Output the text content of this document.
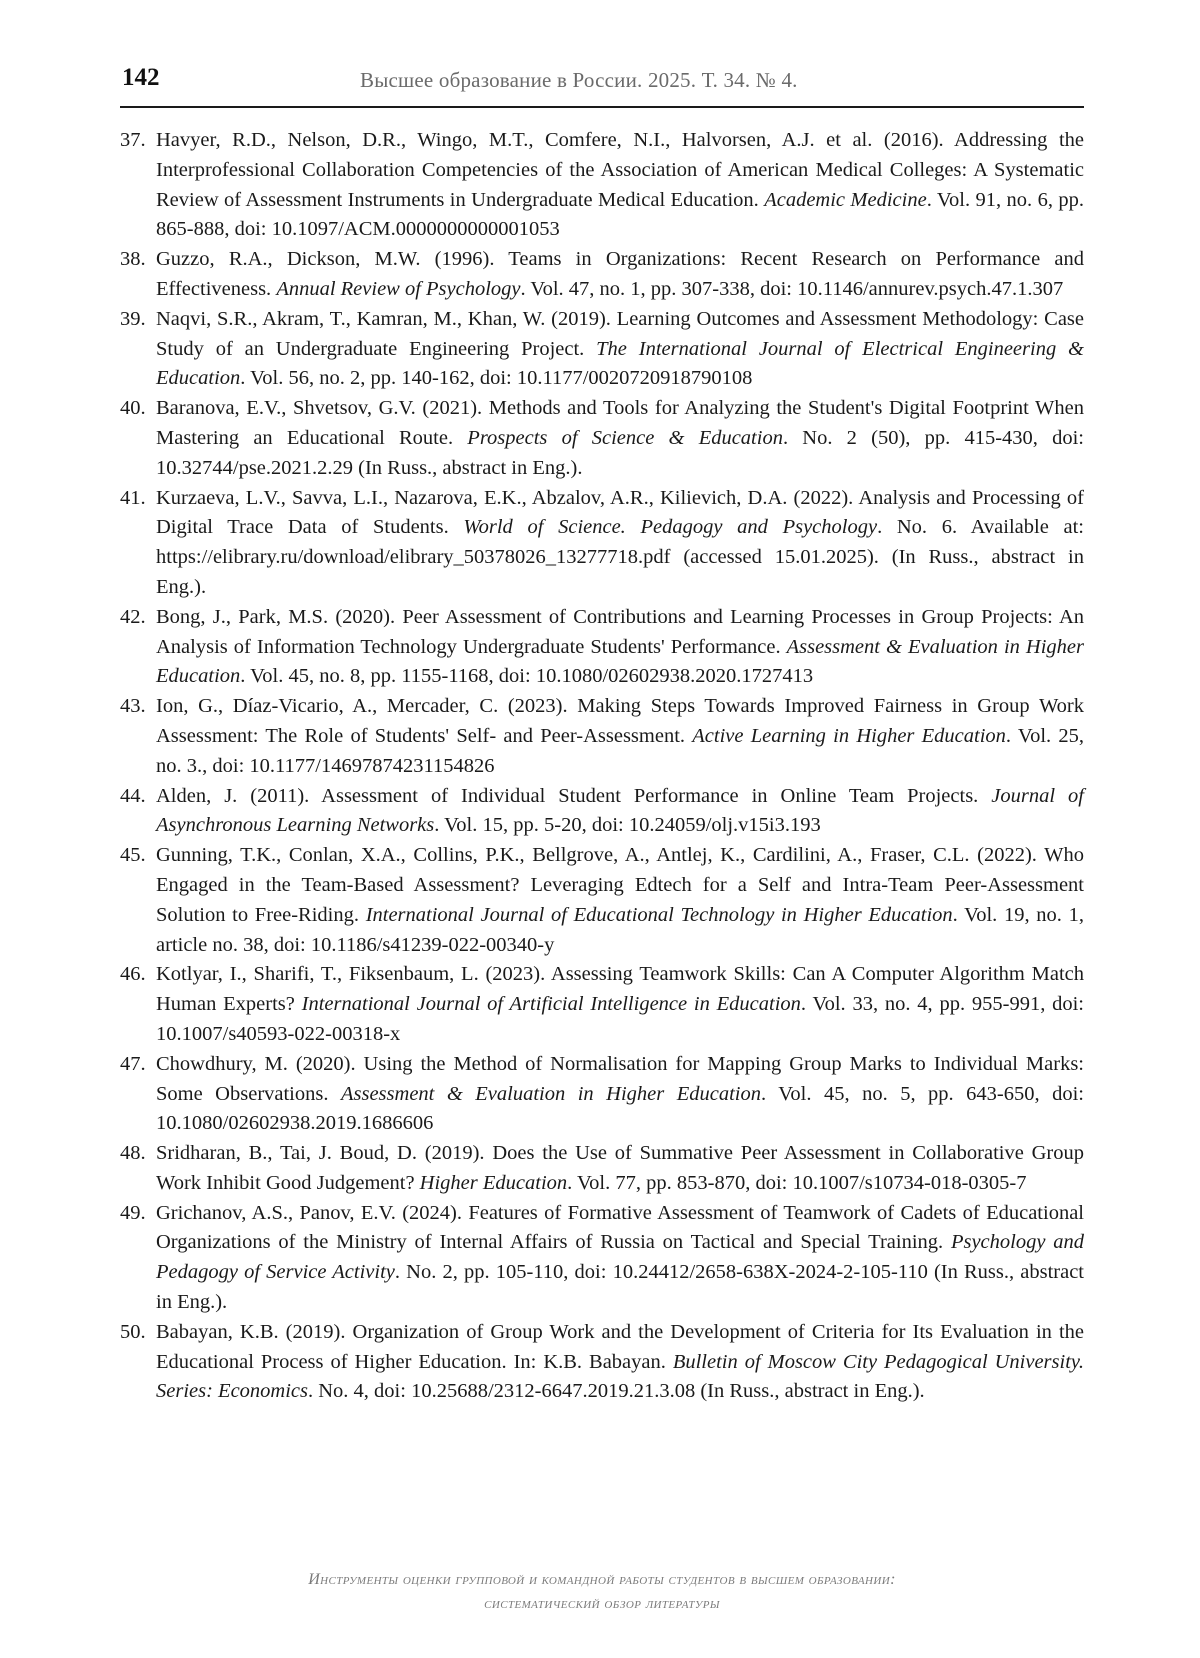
142	Высшее образование в России. 2025. Т. 34. № 4.
37. Havyer, R.D., Nelson, D.R., Wingo, M.T., Comfere, N.I., Halvorsen, A.J. et al. (2016). Addressing the Interprofessional Collaboration Competencies of the Association of American Medical Colleges: A Systematic Review of Assessment Instruments in Undergraduate Medical Education. Academic Medicine. Vol. 91, no. 6, pp. 865-888, doi: 10.1097/ACM.0000000000001053
38. Guzzo, R.A., Dickson, M.W. (1996). Teams in Organizations: Recent Research on Performance and Effectiveness. Annual Review of Psychology. Vol. 47, no. 1, pp. 307-338, doi: 10.1146/annurev.psych.47.1.307
39. Naqvi, S.R., Akram, T., Kamran, M., Khan, W. (2019). Learning Outcomes and Assessment Methodology: Case Study of an Undergraduate Engineering Project. The International Journal of Electrical Engineering & Education. Vol. 56, no. 2, pp. 140-162, doi: 10.1177/0020720918790108
40. Baranova, E.V., Shvetsov, G.V. (2021). Methods and Tools for Analyzing the Student's Digital Footprint When Mastering an Educational Route. Prospects of Science & Education. No. 2 (50), pp. 415-430, doi: 10.32744/pse.2021.2.29 (In Russ., abstract in Eng.).
41. Kurzaeva, L.V., Savva, L.I., Nazarova, E.K., Abzalov, A.R., Kilievich, D.A. (2022). Analysis and Processing of Digital Trace Data of Students. World of Science. Pedagogy and Psychology. No. 6. Available at: https://elibrary.ru/download/elibrary_50378026_13277718.pdf (accessed 15.01.2025). (In Russ., abstract in Eng.).
42. Bong, J., Park, M.S. (2020). Peer Assessment of Contributions and Learning Processes in Group Projects: An Analysis of Information Technology Undergraduate Students' Performance. Assessment & Evaluation in Higher Education. Vol. 45, no. 8, pp. 1155-1168, doi: 10.1080/02602938.2020.1727413
43. Ion, G., Díaz-Vicario, A., Mercader, C. (2023). Making Steps Towards Improved Fairness in Group Work Assessment: The Role of Students' Self- and Peer-Assessment. Active Learning in Higher Education. Vol. 25, no. 3., doi: 10.1177/14697874231154826
44. Alden, J. (2011). Assessment of Individual Student Performance in Online Team Projects. Journal of Asynchronous Learning Networks. Vol. 15, pp. 5-20, doi: 10.24059/olj.v15i3.193
45. Gunning, T.K., Conlan, X.A., Collins, P.K., Bellgrove, A., Antlej, K., Cardilini, A., Fraser, C.L. (2022). Who Engaged in the Team-Based Assessment? Leveraging Edtech for a Self and Intra-Team Peer-Assessment Solution to Free-Riding. International Journal of Educational Technology in Higher Education. Vol. 19, no. 1, article no. 38, doi: 10.1186/s41239-022-00340-y
46. Kotlyar, I., Sharifi, T., Fiksenbaum, L. (2023). Assessing Teamwork Skills: Can A Computer Algorithm Match Human Experts? International Journal of Artificial Intelligence in Education. Vol. 33, no. 4, pp. 955-991, doi: 10.1007/s40593-022-00318-x
47. Chowdhury, M. (2020). Using the Method of Normalisation for Mapping Group Marks to Individual Marks: Some Observations. Assessment & Evaluation in Higher Education. Vol. 45, no. 5, pp. 643-650, doi: 10.1080/02602938.2019.1686606
48. Sridharan, B., Tai, J. Boud, D. (2019). Does the Use of Summative Peer Assessment in Collaborative Group Work Inhibit Good Judgement? Higher Education. Vol. 77, pp. 853-870, doi: 10.1007/s10734-018-0305-7
49. Grichanov, A.S., Panov, E.V. (2024). Features of Formative Assessment of Teamwork of Cadets of Educational Organizations of the Ministry of Internal Affairs of Russia on Tactical and Special Training. Psychology and Pedagogy of Service Activity. No. 2, pp. 105-110, doi: 10.24412/2658-638X-2024-2-105-110 (In Russ., abstract in Eng.).
50. Babayan, K.B. (2019). Organization of Group Work and the Development of Criteria for Its Evaluation in the Educational Process of Higher Education. In: K.B. Babayan. Bulletin of Moscow City Pedagogical University. Series: Economics. No. 4, doi: 10.25688/2312-6647.2019.21.3.08 (In Russ., abstract in Eng.).
Инструменты оценки групповой и командной работы студентов в высшем образовании:
систематический обзор литературы
